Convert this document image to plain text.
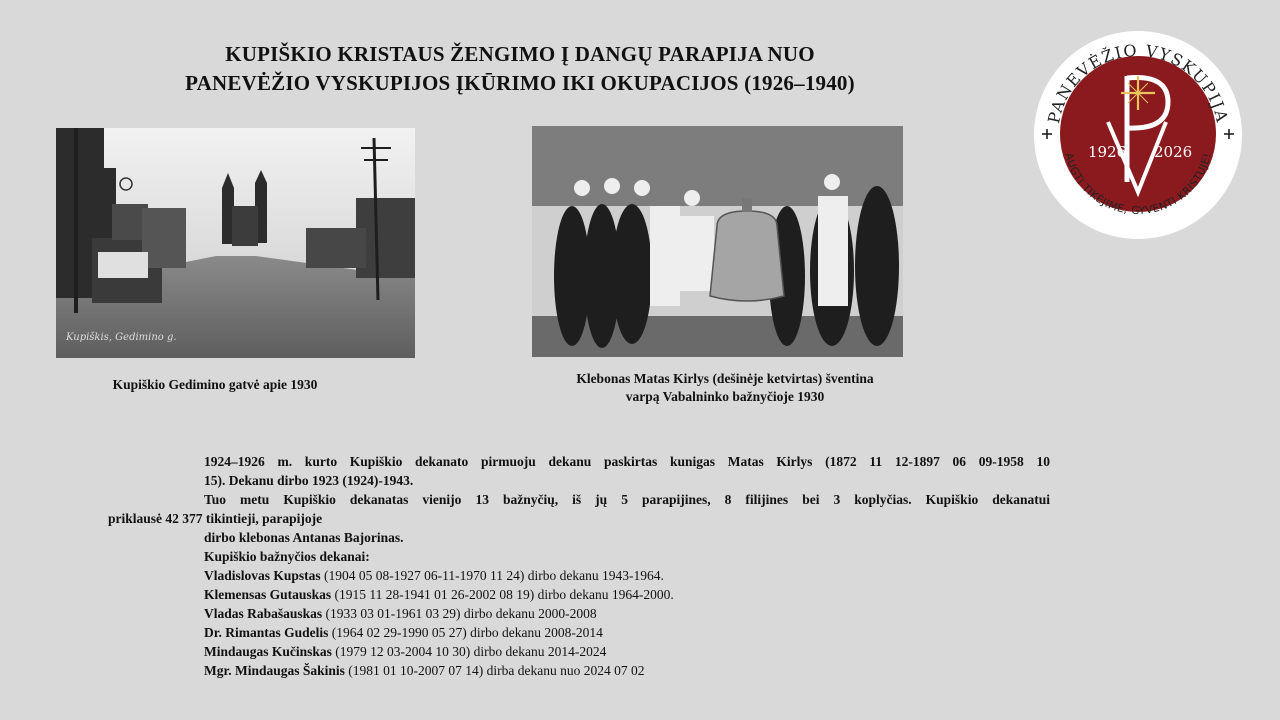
KUPIŠKIO KRISTAUS ŽENGIMO Į DANGŲ PARAPIJA NUO
PANEVĖŽIO VYSKUPIJOS ĮKŪRIMO IKI OKUPACIJOS (1926–1940)
PANEVĖŽIO VYSKUPIJA
AUGTI TIKĖJIME, GYVENTI KRISTUJE!
1926 2026
Kupiškis, Gedimino g.
Kupiškio Gedimino gatvė apie 1930	Klebonas Matas Kirlys (dešinėje ketvirtas) šventina
varpą Vabalninko bažnyčioje 1930
1924–1926 m. kurto Kupiškio dekanato pirmuoju dekanu paskirtas kunigas Matas Kirlys (1872 11 12-1897 06 09-1958 10
15). Dekanu dirbo 1923 (1924)-1943.
Tuo metu Kupiškio dekanatas vienijo 13 bažnyčių, iš jų 5 parapijines, 8 filijines bei 3 koplyčias. Kupiškio dekanatui
priklausė 42 377 tikintieji, parapijoje
dirbo klebonas Antanas Bajorinas.
Kupiškio bažnyčios dekanai:
Vladislovas Kupstas (1904 05 08-1927 06-11-1970 11 24) dirbo dekanu 1943-1964.
Klemensas Gutauskas (1915 11 28-1941 01 26-2002 08 19) dirbo dekanu 1964-2000.
Vladas Rabašauskas (1933 03 01-1961 03 29) dirbo dekanu 2000-2008
Dr. Rimantas Gudelis (1964 02 29-1990 05 27) dirbo dekanu 2008-2014
Mindaugas Kučinskas (1979 12 03-2004 10 30) dirbo dekanu 2014-2024
Mgr. Mindaugas Šakinis (1981 01 10-2007 07 14) dirba dekanu nuo 2024 07 02
